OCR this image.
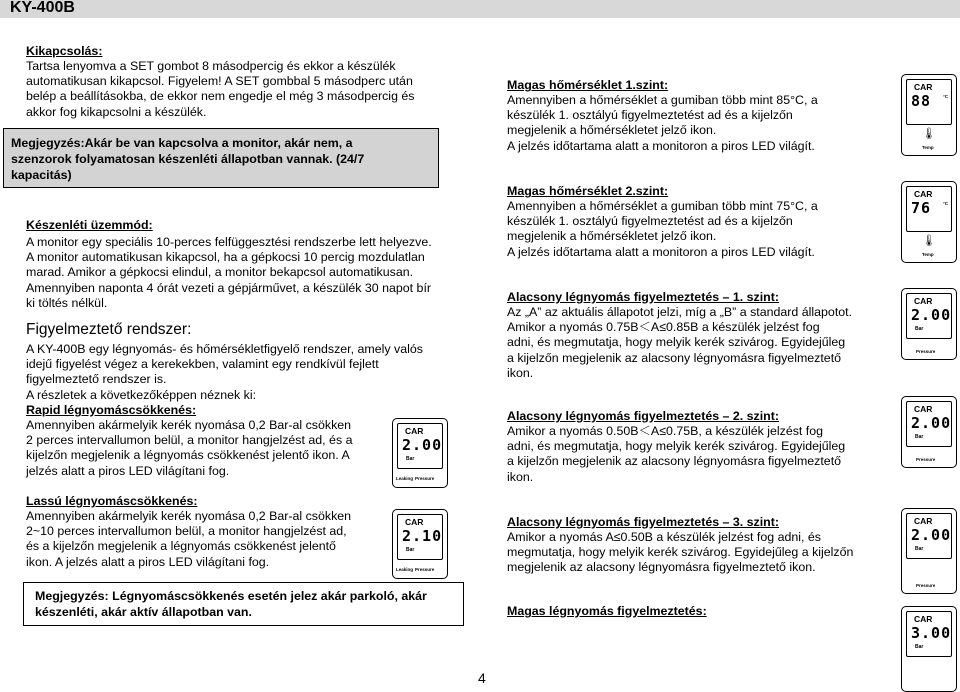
KY-400B
Kikapcsolás:
Tartsa lenyomva a SET gombot 8 másodpercig és ekkor a készülék
automatikusan kikapcsol. Figyelem! A SET gombbal 5 másodperc után
belép a beállításokba, de ekkor nem engedje el még 3 másodpercig és
akkor fog kikapcsolni a készülék.
Megjegyzés:Akár be van kapcsolva a monitor, akár nem, a
szenzorok folyamatosan készenléti állapotban vannak. (24/7
kapacitás)
Készenléti üzemmód:
A monitor egy speciális 10-perces felfüggesztési rendszerbe lett helyezve.
A monitor automatikusan kikapcsol, ha a gépkocsi 10 percig mozdulatlan
marad. Amikor a gépkocsi elindul, a monitor bekapcsol automatikusan.
Amennyiben naponta 4 órát vezeti a gépjárművet, a készülék 30 napot bír
ki töltés nélkül.
Figyelmeztető rendszer:
A KY-400B egy légnyomás- és hőmérsékletfigyelő rendszer, amely valós
idejű figyelést végez a kerekekben, valamint egy rendkívül fejlett
figyelmeztető rendszer is.
A részletek a következőképpen néznek ki:
Rapid légnyomáscsökkenés:
Amennyiben akármelyik kerék nyomása 0,2 Bar-al csökken
2 perces intervallumon belül, a monitor hangjelzést ad, és a
kijelzőn megjelenik a légnyomás csökkenést jelentő ikon. A
jelzés alatt a piros LED világítani fog.
Lassú légnyomáscsökkenés:
Amennyiben akármelyik kerék nyomása 0,2 Bar-al csökken
2~10 perces intervallumon belül, a monitor hangjelzést ad,
és a kijelzőn megjelenik a légnyomás csökkenést jelentő
ikon. A jelzés alatt a piros LED világítani fog.
Megjegyzés: Légnyomáscsökkenés esetén jelez akár parkoló, akár
készenléti, akár aktív állapotban van.
CAR
2.00
Bar
Leaking Pressure
CAR
2.10
Bar
Leaking Pressure
Magas hőmérséklet 1.szint:
Amennyiben a hőmérséklet a gumiban több mint 85°C, a
készülék 1. osztályú figyelmeztetést ad és a kijelzőn
megjelenik a hőmérsékletet jelző ikon.
A jelzés időtartama alatt a monitoron a piros LED világít.
Magas hőmérséklet 2.szint:
Amennyiben a hőmérséklet a gumiban több mint 75°C, a
készülék 1. osztályú figyelmeztetést ad és a kijelzőn
megjelenik a hőmérsékletet jelző ikon.
A jelzés időtartama alatt a monitoron a piros LED világít.
Alacsony légnyomás figyelmeztetés – 1. szint:
Az „A” az aktuális állapotot jelzi, míg a „B” a standard állapotot.
Amikor a nyomás 0.75B＜A≤0.85B a készülék jelzést fog
adni, és megmutatja, hogy melyik kerék szivárog. Egyidejűleg
a kijelzőn megjelenik az alacsony légnyomásra figyelmeztető
ikon.
Alacsony légnyomás figyelmeztetés – 2. szint:
Amikor a nyomás 0.50B＜A≤0.75B, a készülék jelzést fog
adni, és megmutatja, hogy melyik kerék szivárog. Egyidejűleg
a kijelzőn megjelenik az alacsony légnyomásra figyelmeztető
ikon.
Alacsony légnyomás figyelmeztetés – 3. szint:
Amikor a nyomás A≤0.50B a készülék jelzést fog adni, és
megmutatja, hogy melyik kerék szivárog. Egyidejűleg a kijelzőn
megjelenik az alacsony légnyomásra figyelmeztető ikon.
Magas légnyomás figyelmeztetés:
CAR
88	°C
🌡
Temp
CAR
76	°C
🌡
Temp
CAR
2.00
Bar
Pressure
CAR
2.00
Bar
Pressure
CAR
2.00
Bar
Pressure
CAR
3.00
Bar
4
